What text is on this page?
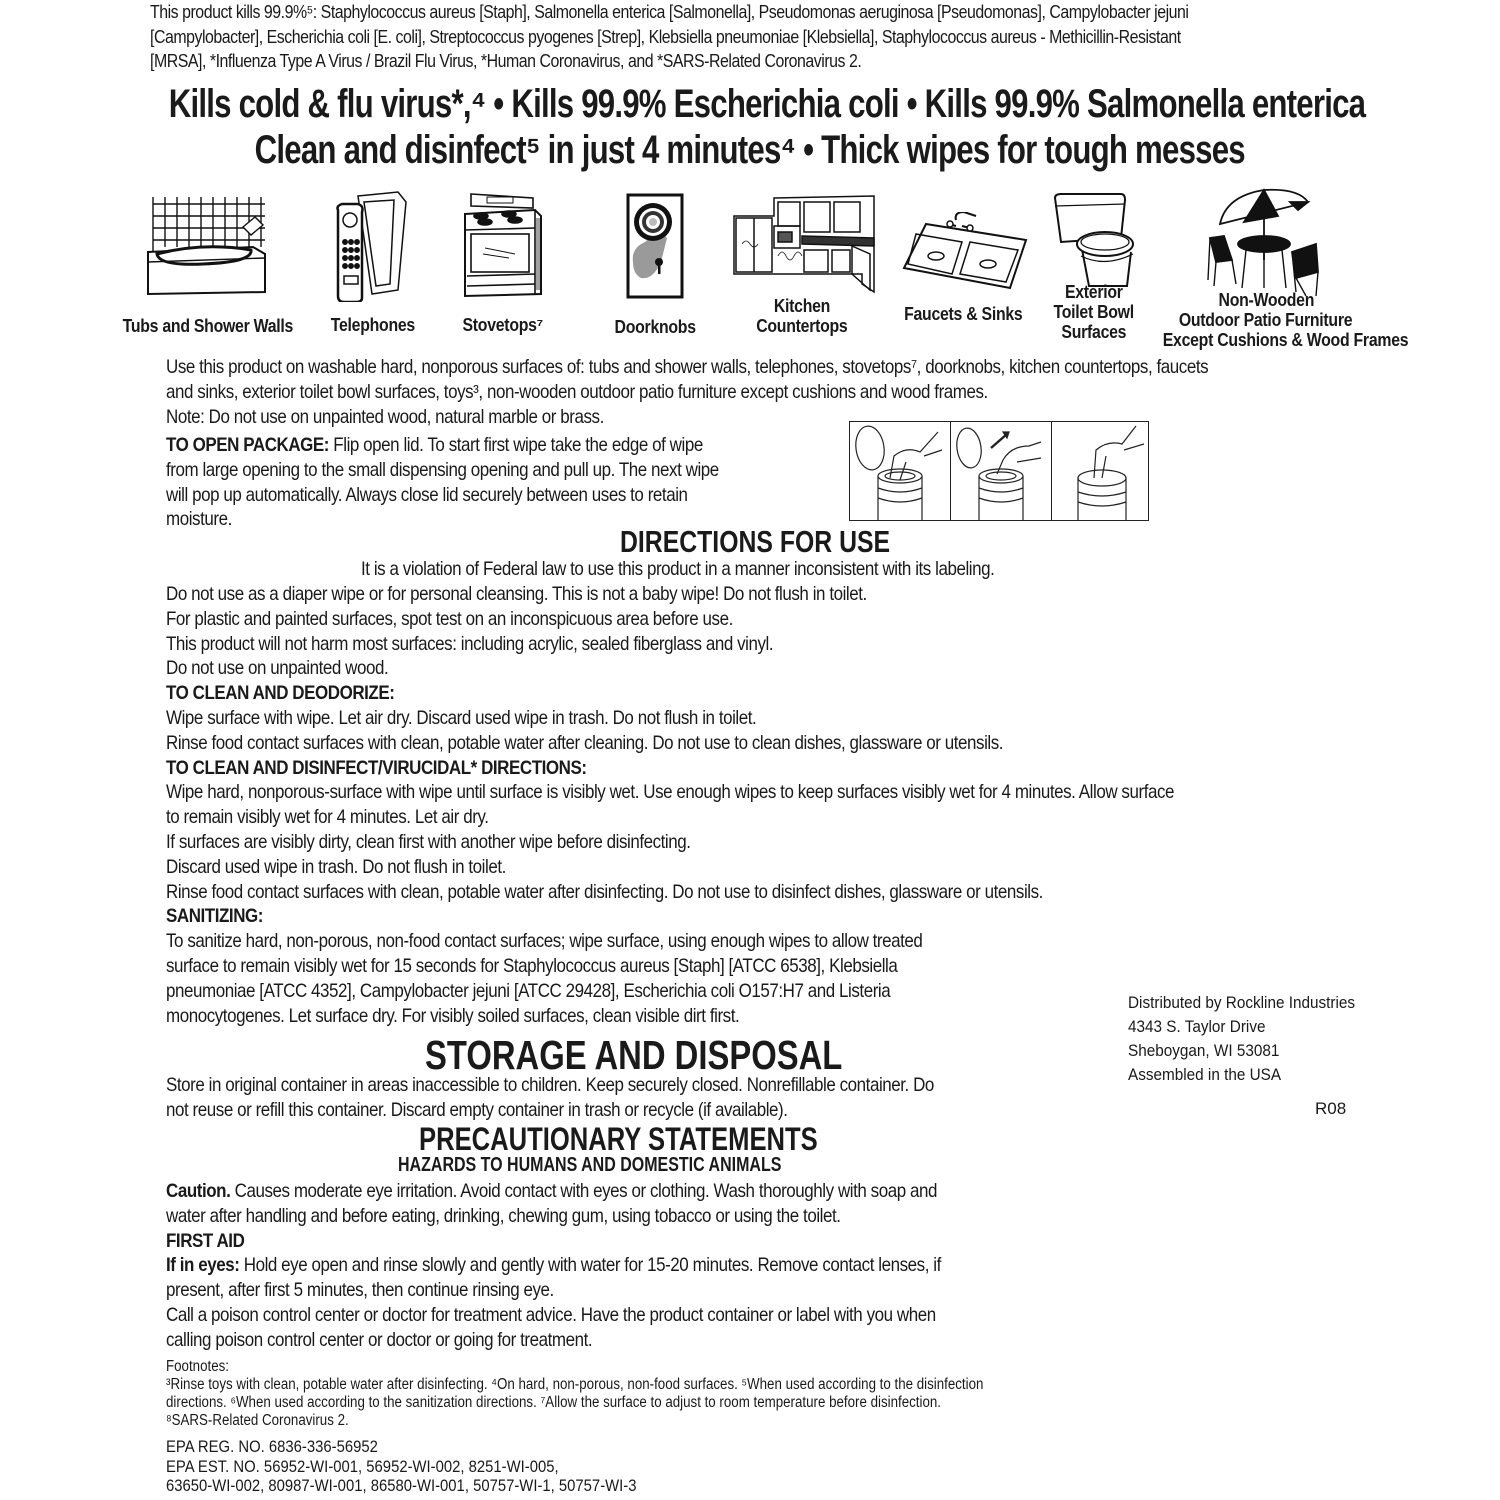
This product kills 99.9%⁵: Staphylococcus aureus [Staph], Salmonella enterica [Salmonella], Pseudomonas aeruginosa [Pseudomonas], Campylobacter jejuni
[Campylobacter], Escherichia coli [E. coli], Streptococcus pyogenes [Strep], Klebsiella pneumoniae [Klebsiella], Staphylococcus aureus - Methicillin-Resistant
[MRSA], *Influenza Type A Virus / Brazil Flu Virus, *Human Coronavirus, and *SARS-Related Coronavirus 2.
Kills cold & flu virus*,⁴ • Kills 99.9% Escherichia coli • Kills 99.9% Salmonella enterica
Clean and disinfect⁵ in just 4 minutes⁴ • Thick wipes for tough messes
Tubs and Shower Walls	Telephones	Stovetops⁷	Doorknobs
Kitchen
Countertops
Faucets & Sinks
Exterior
Toilet Bowl
Surfaces
Non-Wooden
Outdoor Patio Furniture
Except Cushions & Wood Frames
Use this product on washable hard, nonporous surfaces of: tubs and shower walls, telephones, stovetops⁷, doorknobs, kitchen countertops, faucets
and sinks, exterior toilet bowl surfaces, toys³, non-wooden outdoor patio furniture except cushions and wood frames.
Note: Do not use on unpainted wood, natural marble or brass.
TO OPEN PACKAGE: Flip open lid. To start first wipe take the edge of wipe
from large opening to the small dispensing opening and pull up. The next wipe
will pop up automatically. Always close lid securely between uses to retain
moisture.
DIRECTIONS FOR USE
It is a violation of Federal law to use this product in a manner inconsistent with its labeling.
Do not use as a diaper wipe or for personal cleansing. This is not a baby wipe! Do not flush in toilet.
For plastic and painted surfaces, spot test on an inconspicuous area before use.
This product will not harm most surfaces: including acrylic, sealed fiberglass and vinyl.
Do not use on unpainted wood.
TO CLEAN AND DEODORIZE:
Wipe surface with wipe. Let air dry. Discard used wipe in trash. Do not flush in toilet.
Rinse food contact surfaces with clean, potable water after cleaning. Do not use to clean dishes, glassware or utensils.
TO CLEAN AND DISINFECT/VIRUCIDAL* DIRECTIONS:
Wipe hard, nonporous-surface with wipe until surface is visibly wet. Use enough wipes to keep surfaces visibly wet for 4 minutes. Allow surface
to remain visibly wet for 4 minutes. Let air dry.
If surfaces are visibly dirty, clean first with another wipe before disinfecting.
Discard used wipe in trash. Do not flush in toilet.
Rinse food contact surfaces with clean, potable water after disinfecting. Do not use to disinfect dishes, glassware or utensils.
SANITIZING:
To sanitize hard, non-porous, non-food contact surfaces; wipe surface, using enough wipes to allow treated
surface to remain visibly wet for 15 seconds for Staphylococcus aureus [Staph] [ATCC 6538], Klebsiella
pneumoniae [ATCC 4352], Campylobacter jejuni [ATCC 29428], Escherichia coli O157:H7 and Listeria
monocytogenes. Let surface dry. For visibly soiled surfaces, clean visible dirt first.
Distributed by Rockline Industries
4343 S. Taylor Drive
Sheboygan, WI 53081
Assembled in the USA
R08
STORAGE AND DISPOSAL
Store in original container in areas inaccessible to children. Keep securely closed. Nonrefillable container. Do
not reuse or refill this container. Discard empty container in trash or recycle (if available).
PRECAUTIONARY STATEMENTS
HAZARDS TO HUMANS AND DOMESTIC ANIMALS
Caution. Causes moderate eye irritation. Avoid contact with eyes or clothing. Wash thoroughly with soap and
water after handling and before eating, drinking, chewing gum, using tobacco or using the toilet.
FIRST AID
If in eyes: Hold eye open and rinse slowly and gently with water for 15-20 minutes. Remove contact lenses, if
present, after first 5 minutes, then continue rinsing eye.
Call a poison control center or doctor for treatment advice. Have the product container or label with you when
calling poison control center or doctor or going for treatment.
Footnotes:
³Rinse toys with clean, potable water after disinfecting. ⁴On hard, non-porous, non-food surfaces. ⁵When used according to the disinfection
directions. ⁶When used according to the sanitization directions. ⁷Allow the surface to adjust to room temperature before disinfection.
⁸SARS-Related Coronavirus 2.
EPA REG. NO. 6836-336-56952
EPA EST. NO. 56952-WI-001, 56952-WI-002, 8251-WI-005,
63650-WI-002, 80987-WI-001, 86580-WI-001, 50757-WI-1, 50757-WI-3
